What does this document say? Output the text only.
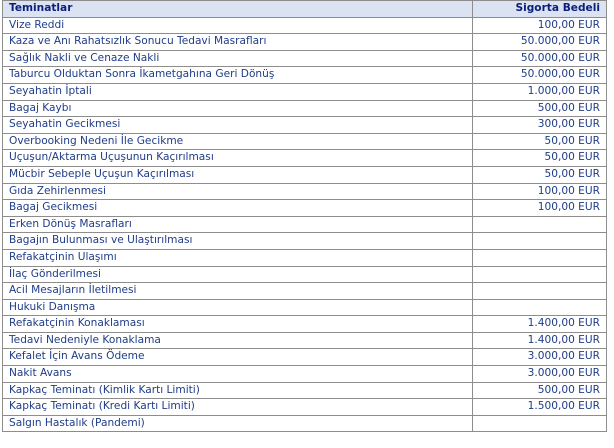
Teminatlar	Sigorta Bedeli
Vize Reddi	100,00 EUR
Kaza ve Anı Rahatsızlık Sonucu Tedavi Masrafları	50.000,00 EUR
Sağlık Nakli ve Cenaze Nakli	50.000,00 EUR
Taburcu Olduktan Sonra İkametgahına Geri Dönüş	50.000,00 EUR
Seyahatin İptali	1.000,00 EUR
Bagaj Kaybı	500,00 EUR
Seyahatin Gecikmesi	300,00 EUR
Overbooking Nedeni İle Gecikme	50,00 EUR
Uçuşun/Aktarma Uçuşunun Kaçırılması	50,00 EUR
Mücbir Sebeple Uçuşun Kaçırılması	50,00 EUR
Gıda Zehirlenmesi	100,00 EUR
Bagaj Gecikmesi	100,00 EUR
Erken Dönüş Masrafları	
Bagajın Bulunması ve Ulaştırılması	
Refakatçinin Ulaşımı	
İlaç Gönderilmesi	
Acil Mesajların İletilmesi	
Hukuki Danışma	
Refakatçinin Konaklaması	1.400,00 EUR
Tedavi Nedeniyle Konaklama	1.400,00 EUR
Kefalet İçin Avans Ödeme	3.000,00 EUR
Nakit Avans	3.000,00 EUR
Kapkaç Teminatı (Kimlik Kartı Limiti)	500,00 EUR
Kapkaç Teminatı (Kredi Kartı Limiti)	1.500,00 EUR
Salgın Hastalık (Pandemi)	
